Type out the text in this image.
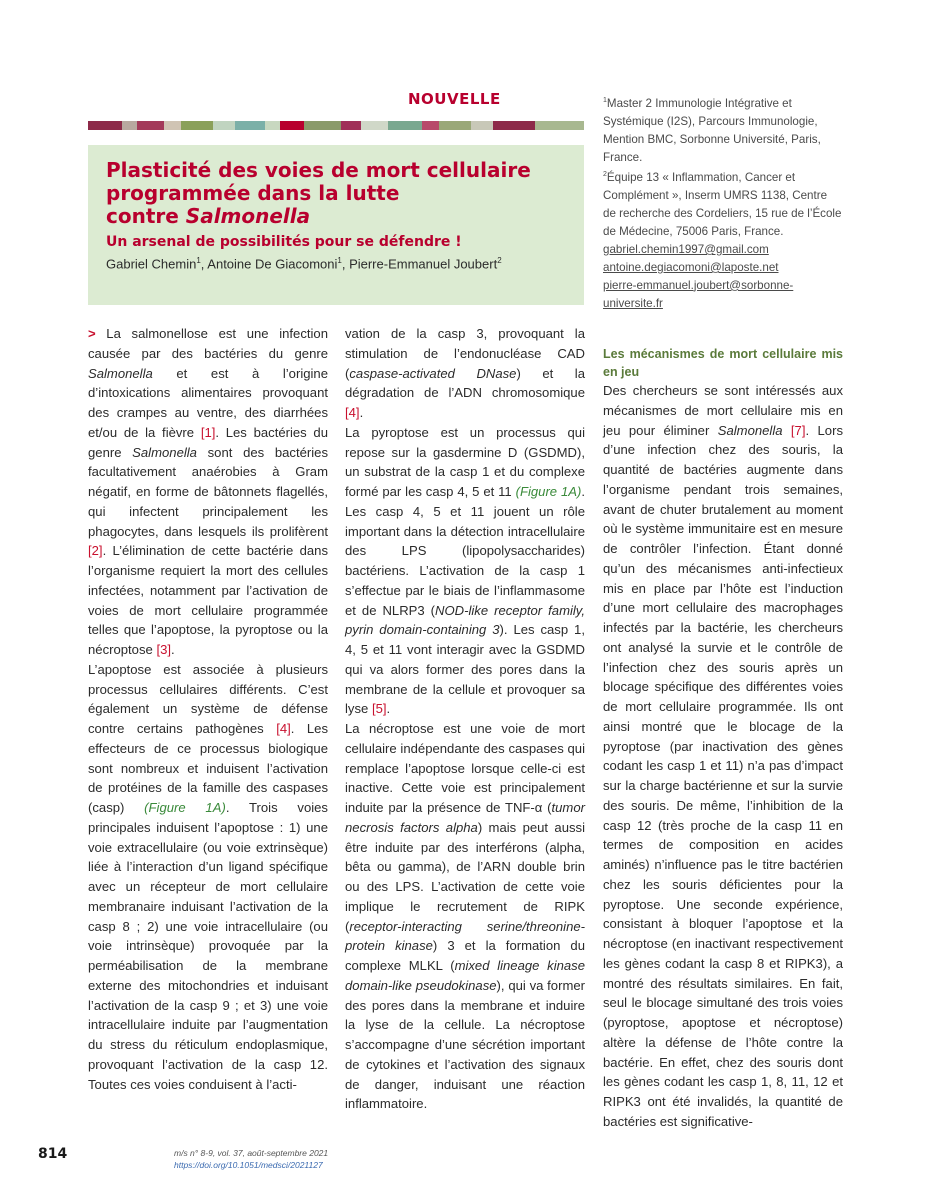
NOUVELLE
Plasticité des voies de mort cellulaire
programmée dans la lutte
contre Salmonella
Un arsenal de possibilités pour se défendre !
Gabriel Chemin$^1$, Antoine De Giacomoni$^1$, Pierre-Emmanuel Joubert$^2$

$^1$Master 2 Immunologie Intégrative et Systémique (I2S), Parcours Immunologie, Mention BMC, Sorbonne Université, Paris, France.

$^2$Équipe 13 « Inflammation, Cancer et Complément », Inserm UMRS 1138, Centre de recherche des Cordeliers, 15 rue de l’École de Médecine, 75006 Paris, France.

gabriel.chemin1997@gmail.com
antoine.degiacomoni@laposte.net
pierre-emmanuel.joubert@sorbonne-universite.fr

> La salmonellose est une infection causée par des bactéries du genre Salmonella et est à l’origine d’intoxications alimentaires provoquant des crampes au ventre, des diarrhées et/ou de la fièvre [1]. Les bactéries du genre Salmonella sont des bactéries facultativement anaérobies à Gram négatif, en forme de bâtonnets flagellés, qui infectent principalement les phagocytes, dans lesquels ils prolifèrent [2]. L’élimination de cette bactérie dans l’organisme requiert la mort des cellules infectées, notamment par l’activation de voies de mort cellulaire programmée telles que l’apoptose, la pyroptose ou la nécroptose [3].

L’apoptose est associée à plusieurs processus cellulaires différents. C’est également un système de défense contre certains pathogènes [4]. Les effecteurs de ce processus biologique sont nombreux et induisent l’activation de protéines de la famille des caspases (casp) (Figure 1A). Trois voies principales induisent l’apoptose : 1) une voie extracellulaire (ou voie extrinsèque) liée à l’interaction d’un ligand spécifique avec un récepteur de mort cellulaire membranaire induisant l’activation de la casp 8 ; 2) une voie intracellulaire (ou voie intrinsèque) provoquée par la perméabilisation de la membrane externe des mitochondries et induisant l’activation de la casp 9 ; et 3) une voie intracellulaire induite par l’augmentation du stress du réticulum endoplasmique, provoquant l’activation de la casp 12. Toutes ces voies conduisent à l’acti-

vation de la casp 3, provoquant la stimulation de l’endonucléase CAD (caspase-activated DNase) et la dégradation de l’ADN chromosomique [4].

La pyroptose est un processus qui repose sur la gasdermine D (GSDMD), un substrat de la casp 1 et du complexe formé par les casp 4, 5 et 11 (Figure 1A). Les casp 4, 5 et 11 jouent un rôle important dans la détection intracellulaire des LPS (lipopolysaccharides) bactériens. L’activation de la casp 1 s’effectue par le biais de l’inflammasome et de NLRP3 (NOD-like receptor family, pyrin domain-containing 3). Les casp 1, 4, 5 et 11 vont interagir avec la GSDMD qui va alors former des pores dans la membrane de la cellule et provoquer sa lyse [5].

La nécroptose est une voie de mort cellulaire indépendante des caspases qui remplace l’apoptose lorsque celle-ci est inactive. Cette voie est principalement induite par la présence de TNF-α (tumor necrosis factors alpha) mais peut aussi être induite par des interférons (alpha, bêta ou gamma), de l’ARN double brin ou des LPS. L’activation de cette voie implique le recrutement de RIPK (receptor-interacting serine/threonine-protein kinase) 3 et la formation du complexe MLKL (mixed lineage kinase domain-like pseudokinase), qui va former des pores dans la membrane et induire la lyse de la cellule. La nécroptose s’accompagne d’une sécrétion important de cytokines et l’activation des signaux de danger, induisant une réaction inflammatoire.

Les mécanismes de mort cellulaire mis en jeu

Des chercheurs se sont intéressés aux mécanismes de mort cellulaire mis en jeu pour éliminer Salmonella [7]. Lors d’une infection chez des souris, la quantité de bactéries augmente dans l’organisme pendant trois semaines, avant de chuter brutalement au moment où le système immunitaire est en mesure de contrôler l’infection. Étant donné qu’un des mécanismes anti-infectieux mis en place par l’hôte est l’induction d’une mort cellulaire des macrophages infectés par la bactérie, les chercheurs ont analysé la survie et le contrôle de l’infection chez des souris après un blocage spécifique des différentes voies de mort cellulaire programmée. Ils ont ainsi montré que le blocage de la pyroptose (par inactivation des gènes codant les casp 1 et 11) n’a pas d’impact sur la charge bactérienne et sur la survie des souris. De même, l’inhibition de la casp 12 (très proche de la casp 11 en termes de composition en acides aminés) n’influence pas le titre bactérien chez les souris déficientes pour la pyroptose. Une seconde expérience, consistant à bloquer l’apoptose et la nécroptose (en inactivant respectivement les gènes codant la casp 8 et RIPK3), a montré des résultats similaires. En fait, seul le blocage simultané des trois voies (pyroptose, apoptose et nécroptose) altère la défense de l’hôte contre la bactérie. En effet, chez des souris dont les gènes codant les casp 1, 8, 11, 12 et RIPK3 ont été invalidés, la quantité de bactéries est significative-

814	m/s n° 8-9, vol. 37, août-septembre 2021
https://doi.org/10.1051/medsci/2021127
